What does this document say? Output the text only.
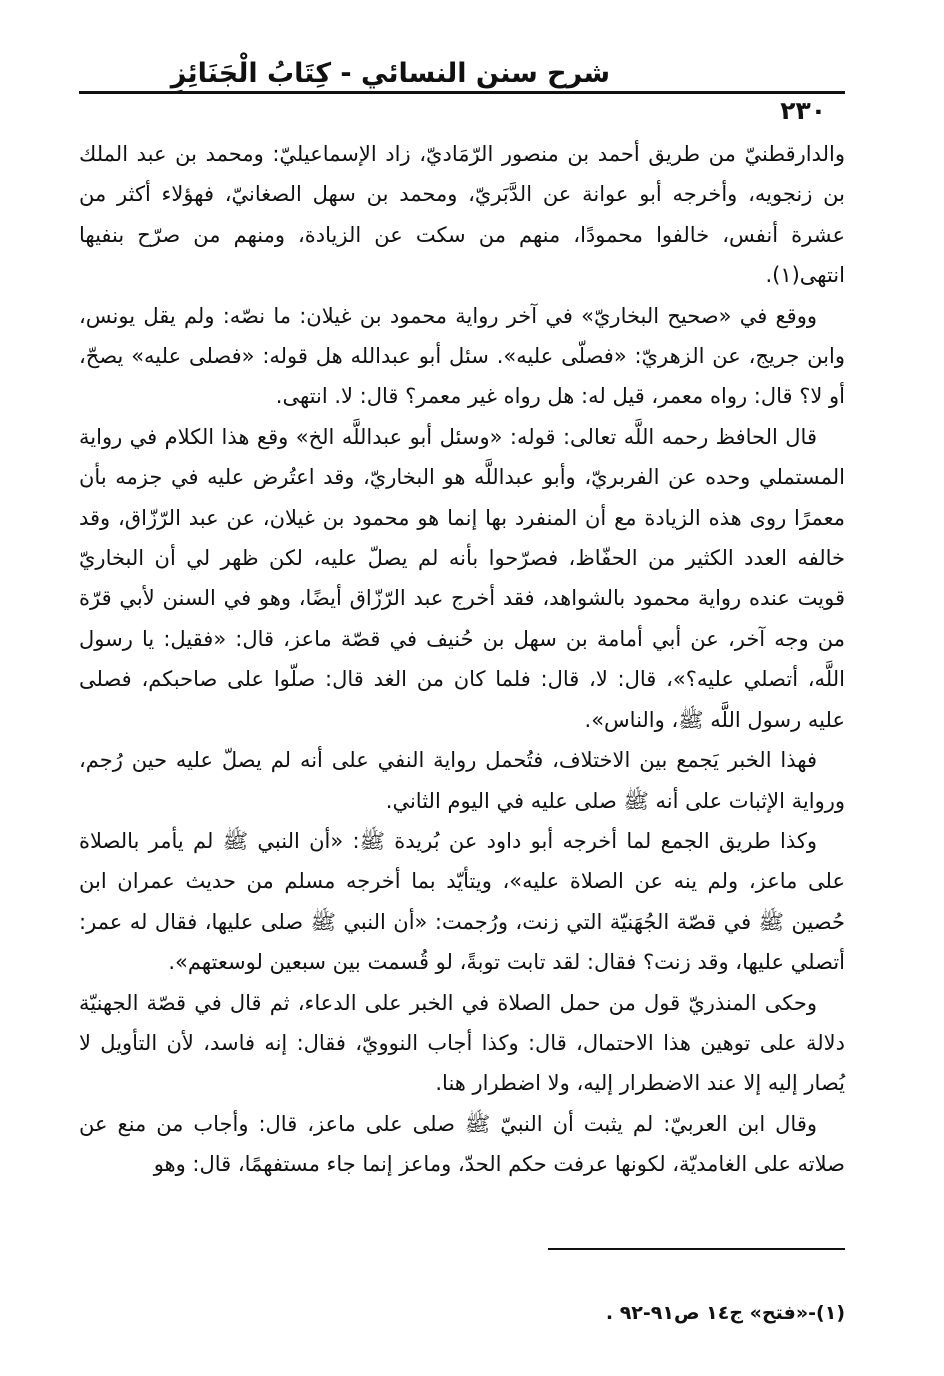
شرح سنن النسائي - كِتَابُ الْجَنَائِزِ
٢٣٠

والدارقطنيّ من طريق أحمد بن منصور الرّمَاديّ، زاد الإسماعيليّ: ومحمد بن عبد الملك بن زنجويه، وأخرجه أبو عوانة عن الدَّبَريّ، ومحمد بن سهل الصغانيّ، فهؤلاء أكثر من عشرة أنفس، خالفوا محمودًا، منهم من سكت عن الزيادة، ومنهم من صرّح بنفيها انتهى(١).

ووقع في «صحيح البخاريّ» في آخر رواية محمود بن غيلان: ما نصّه: ولم يقل يونس، وابن جريج، عن الزهريّ: «فصلّى عليه». سئل أبو عبدالله هل قوله: «فصلى عليه» يصحّ، أو لا؟ قال: رواه معمر، قيل له: هل رواه غير معمر؟ قال: لا. انتهى.

قال الحافظ رحمه اللَّه تعالى: قوله: «وسئل أبو عبداللَّه الخ» وقع هذا الكلام في رواية المستملي وحده عن الفربريّ، وأبو عبداللَّه هو البخاريّ، وقد اعتُرض عليه في جزمه بأن معمرًا روى هذه الزيادة مع أن المنفرد بها إنما هو محمود بن غيلان، عن عبد الرّزّاق، وقد خالفه العدد الكثير من الحفّاظ، فصرّحوا بأنه لم يصلّ عليه، لكن ظهر لي أن البخاريّ قويت عنده رواية محمود بالشواهد، فقد أخرج عبد الرّزّاق أيضًا، وهو في السنن لأبي قرّة من وجه آخر، عن أبي أمامة بن سهل بن حُنيف في قصّة ماعز، قال: «فقيل: يا رسول اللَّه، أتصلي عليه؟»، قال: لا، قال: فلما كان من الغد قال: صلّوا على صاحبكم، فصلى عليه رسول اللَّه ﷺ، والناس».

فهذا الخبر يَجمع بين الاختلاف، فتُحمل رواية النفي على أنه لم يصلّ عليه حين رُجم، ورواية الإثبات على أنه ﷺ صلى عليه في اليوم الثاني.

وكذا طريق الجمع لما أخرجه أبو داود عن بُريدة ﷺ: «أن النبي ﷺ لم يأمر بالصلاة على ماعز، ولم ينه عن الصلاة عليه»، ويتأيّد بما أخرجه مسلم من حديث عمران ابن حُصين ﷺ في قصّة الجُهَنيّة التي زنت، ورُجمت: «أن النبي ﷺ صلى عليها، فقال له عمر: أتصلي عليها، وقد زنت؟ فقال: لقد تابت توبةً، لو قُسمت بين سبعين لوسعتهم».

وحكى المنذريّ قول من حمل الصلاة في الخبر على الدعاء، ثم قال في قصّة الجهنيّة دلالة على توهين هذا الاحتمال، قال: وكذا أجاب النوويّ، فقال: إنه فاسد، لأن التأويل لا يُصار إليه إلا عند الاضطرار إليه، ولا اضطرار هنا.

وقال ابن العربيّ: لم يثبت أن النبيّ ﷺ صلى على ماعز، قال: وأجاب من منع عن صلاته على الغامديّة، لكونها عرفت حكم الحدّ، وماعز إنما جاء مستفهمًا، قال: وهو

(١)-«فتح» ج١٤ ص٩١-٩٢ .
